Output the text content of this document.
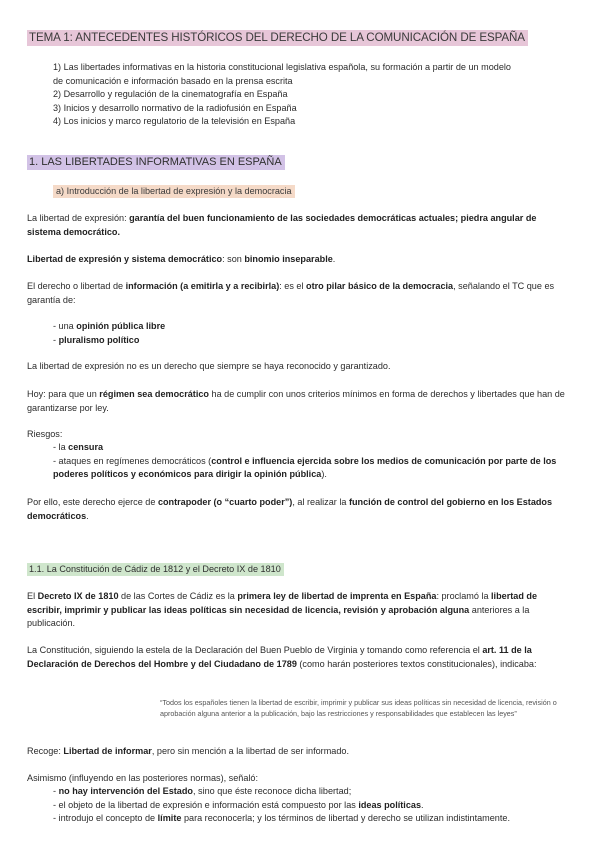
TEMA 1: ANTECEDENTES HISTÓRICOS DEL DERECHO DE LA COMUNICACIÓN DE ESPAÑA
1) Las libertades informativas en la historia constitucional legislativa española, su formación a partir de un modelo
de comunicación e información basado en la prensa escrita
2) Desarrollo y regulación de la cinematografía en España
3) Inicios y desarrollo normativo de la radiofusión en España
4) Los inicios y marco regulatorio de la televisión en España
1. LAS LIBERTADES INFORMATIVAS EN ESPAÑA
a) Introducción de la libertad de expresión y la democracia
La libertad de expresión: garantía del buen funcionamiento de las sociedades democráticas actuales; piedra angular de sistema democrático.
Libertad de expresión y sistema democrático: son binomio inseparable.
El derecho o libertad de información (a emitirla y a recibirla): es el otro pilar básico de la democracia, señalando el TC que es garantía de:
- una opinión pública libre
- pluralismo político
La libertad de expresión no es un derecho que siempre se haya reconocido y garantizado.
Hoy: para que un régimen sea democrático ha de cumplir con unos criterios mínimos en forma de derechos y libertades que han de garantizarse por ley.
Riesgos:
- la censura
- ataques en regímenes democráticos (control e influencia ejercida sobre los medios de comunicación por parte de los poderes políticos y económicos para dirigir la opinión pública).
Por ello, este derecho ejerce de contrapoder (o “cuarto poder”), al realizar la función de control del gobierno en los Estados democráticos.
1.1. La Constitución de Cádiz de 1812 y el Decreto IX de 1810
El Decreto IX de 1810 de las Cortes de Cádiz es la primera ley de libertad de imprenta en España: proclamó la libertad de escribir, imprimir y publicar las ideas políticas sin necesidad de licencia, revisión y aprobación alguna anteriores a la publicación.
La Constitución, siguiendo la estela de la Declaración del Buen Pueblo de Virginia y tomando como referencia el art. 11 de la Declaración de Derechos del Hombre y del Ciudadano de 1789 (como harán posteriores textos constitucionales), indicaba:
“Todos los españoles tienen la libertad de escribir, imprimir y publicar sus ideas políticas sin necesidad de licencia, revisión o aprobación alguna anterior a la publicación, bajo las restricciones y responsabilidades que establecen las leyes”
Recoge: Libertad de informar, pero sin mención a la libertad de ser informado.
Asimismo (influyendo en las posteriores normas), señaló:
- no hay intervención del Estado, sino que éste reconoce dicha libertad;
- el objeto de la libertad de expresión e información está compuesto por las ideas políticas.
- introdujo el concepto de límite para reconocerla; y los términos de libertad y derecho se utilizan indistintamente.
